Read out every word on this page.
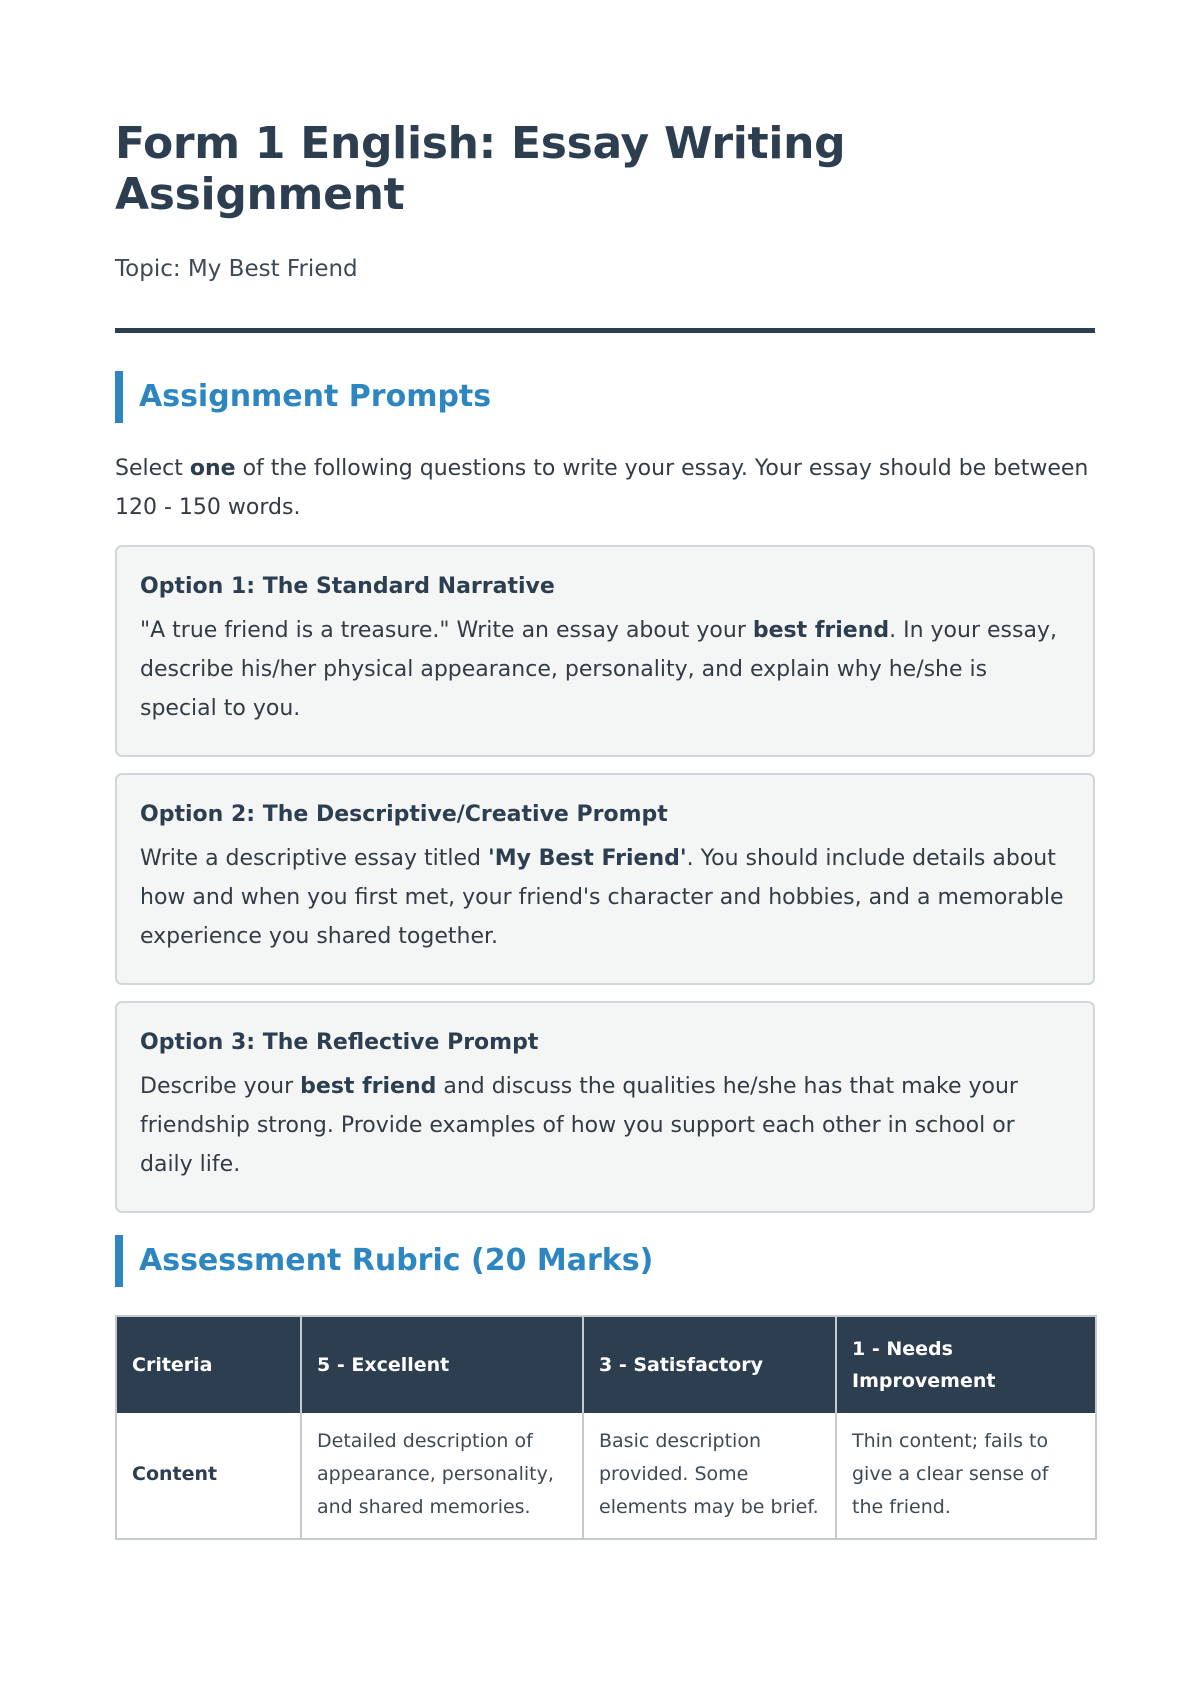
Form 1 English: Essay Writing Assignment
Topic: My Best Friend
Assignment Prompts
Select one of the following questions to write your essay. Your essay should be between 120 - 150 words.
Option 1: The Standard Narrative
"A true friend is a treasure." Write an essay about your best friend. In your essay, describe his/her physical appearance, personality, and explain why he/she is special to you.
Option 2: The Descriptive/Creative Prompt
Write a descriptive essay titled 'My Best Friend'. You should include details about how and when you first met, your friend's character and hobbies, and a memorable experience you shared together.
Option 3: The Reflective Prompt
Describe your best friend and discuss the qualities he/she has that make your friendship strong. Provide examples of how you support each other in school or daily life.
Assessment Rubric (20 Marks)
Criteria	5 - Excellent	3 - Satisfactory	1 - Needs Improvement
Content	Detailed description of appearance, personality, and shared memories.	Basic description provided. Some elements may be brief.	Thin content; fails to give a clear sense of the friend.
